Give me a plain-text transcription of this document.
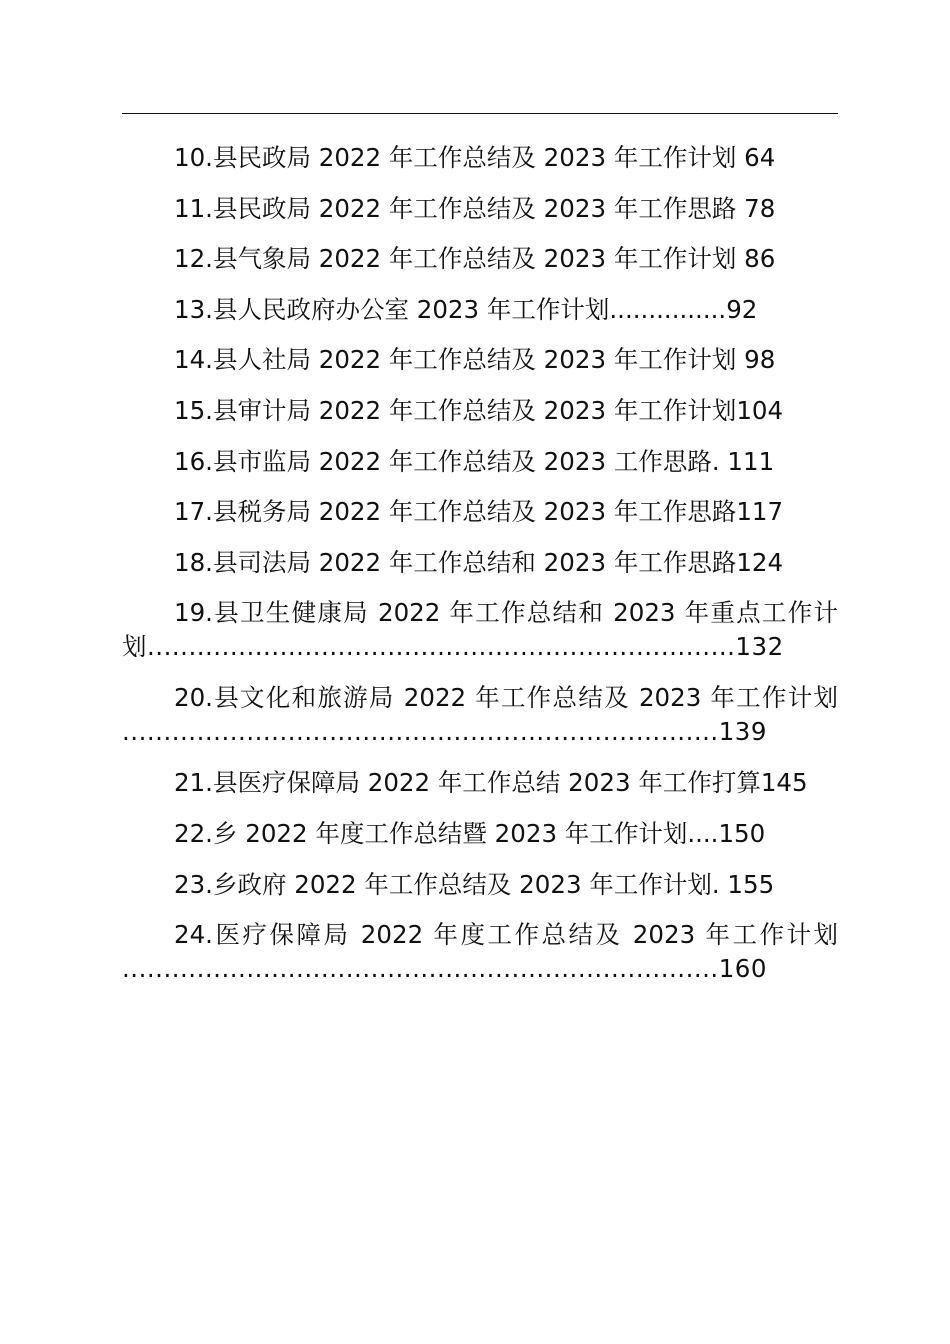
10.县民政局 2022 年工作总结及 2023 年工作计划 64
11.县民政局 2022 年工作总结及 2023 年工作思路 78
12.县气象局 2022 年工作总结及 2023 年工作计划 86
13.县人民政府办公室 2023 年工作计划...............92
14.县人社局 2022 年工作总结及 2023 年工作计划 98
15.县审计局 2022 年工作总结及 2023 年工作计划104
16.县市监局 2022 年工作总结及 2023 工作思路. 111
17.县税务局 2022 年工作总结及 2023 年工作思路117
18.县司法局 2022 年工作总结和 2023 年工作思路124
19.县卫生健康局 2022 年工作总结和 2023 年重点工作计
划.......................................................................132
20.县文化和旅游局 2022 年工作总结及 2023 年工作计划
........................................................................139
21.县医疗保障局 2022 年工作总结 2023 年工作打算145
22.乡 2022 年度工作总结暨 2023 年工作计划....150
23.乡政府 2022 年工作总结及 2023 年工作计划. 155
24.医疗保障局 2022 年度工作总结及 2023 年工作计划
........................................................................160
